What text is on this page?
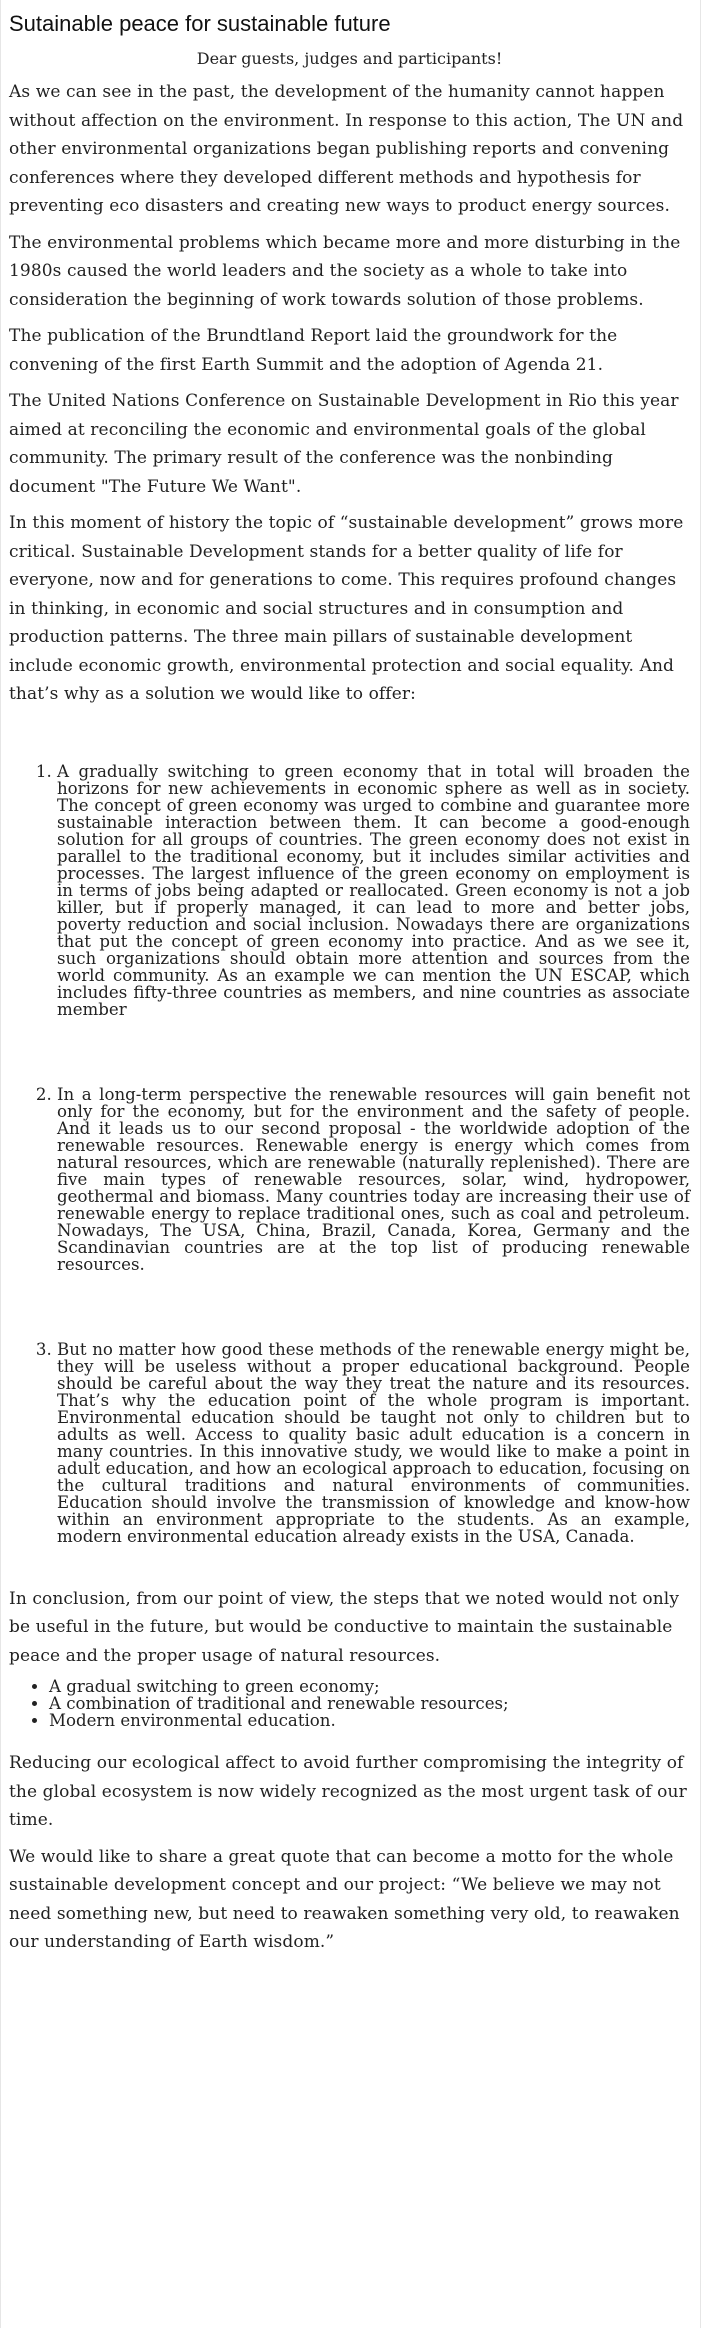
Sutainable peace for sustainable future
Dear guests, judges and participants!

As we can see in the past, the development of the humanity cannot happen without affection on the environment. In response to this action, The UN and other environmental organizations began publishing reports and convening conferences where they developed different methods and hypothesis for preventing eco disasters and creating new ways to product energy sources.

The environmental problems which became more and more disturbing in the 1980s caused the world leaders and the society as a whole to take into consideration the beginning of work towards solution of those problems.

The publication of the Brundtland Report laid the groundwork for the convening of the first Earth Summit and the adoption of Agenda 21.

The United Nations Conference on Sustainable Development in Rio this year aimed at reconciling the economic and environmental goals of the global community. The primary result of the conference was the nonbinding document "The Future We Want".

In this moment of history the topic of “sustainable development” grows more critical. Sustainable Development stands for a better quality of life for everyone, now and for generations to come. This requires profound changes in thinking, in economic and social structures and in consumption and production patterns. The three main pillars of sustainable development include economic growth, environmental protection and social equality. And that’s why as a solution we would like to offer:

1. A gradually switching to green economy that in total will broaden the horizons for new achievements in economic sphere as well as in society. The concept of green economy was urged to combine and guarantee more sustainable interaction between them. It can become a good-enough solution for all groups of countries. The green economy does not exist in parallel to the traditional economy, but it includes similar activities and processes. The largest influence of the green economy on employment is in terms of jobs being adapted or reallocated. Green economy is not a job killer, but if properly managed, it can lead to more and better jobs, poverty reduction and social inclusion. Nowadays there are organizations that put the concept of green economy into practice. And as we see it, such organizations should obtain more attention and sources from the world community. As an example we can mention the UN ESCAP, which includes fifty-three countries as members, and nine countries as associate member
2. In a long-term perspective the renewable resources will gain benefit not only for the economy, but for the environment and the safety of people. And it leads us to our second proposal - the worldwide adoption of the renewable resources. Renewable energy is energy which comes from natural resources, which are renewable (naturally replenished). There are five main types of renewable resources, solar, wind, hydropower, geothermal and biomass. Many countries today are increasing their use of renewable energy to replace traditional ones, such as coal and petroleum. Nowadays, The USA, China, Brazil, Canada, Korea, Germany and the Scandinavian countries are at the top list of producing renewable resources.
3. But no matter how good these methods of the renewable energy might be, they will be useless without a proper educational background. People should be careful about the way they treat the nature and its resources. That’s why the education point of the whole program is important. Environmental education should be taught not only to children but to adults as well. Access to quality basic adult education is a concern in many countries. In this innovative study, we would like to make a point in adult education, and how an ecological approach to education, focusing on the cultural traditions and natural environments of communities. Education should involve the transmission of knowledge and know-how within an environment appropriate to the students. As an example, modern environmental education already exists in the USA, Canada.

In conclusion, from our point of view, the steps that we noted would not only be useful in the future, but would be conductive to maintain the sustainable peace and the proper usage of natural resources.

• A gradual switching to green economy;
• A combination of traditional and renewable resources;
• Modern environmental education.

Reducing our ecological affect to avoid further compromising the integrity of the global ecosystem is now widely recognized as the most urgent task of our time.

We would like to share a great quote that can become a motto for the whole sustainable development concept and our project: “We believe we may not need something new, but need to reawaken something very old, to reawaken our understanding of Earth wisdom.”
